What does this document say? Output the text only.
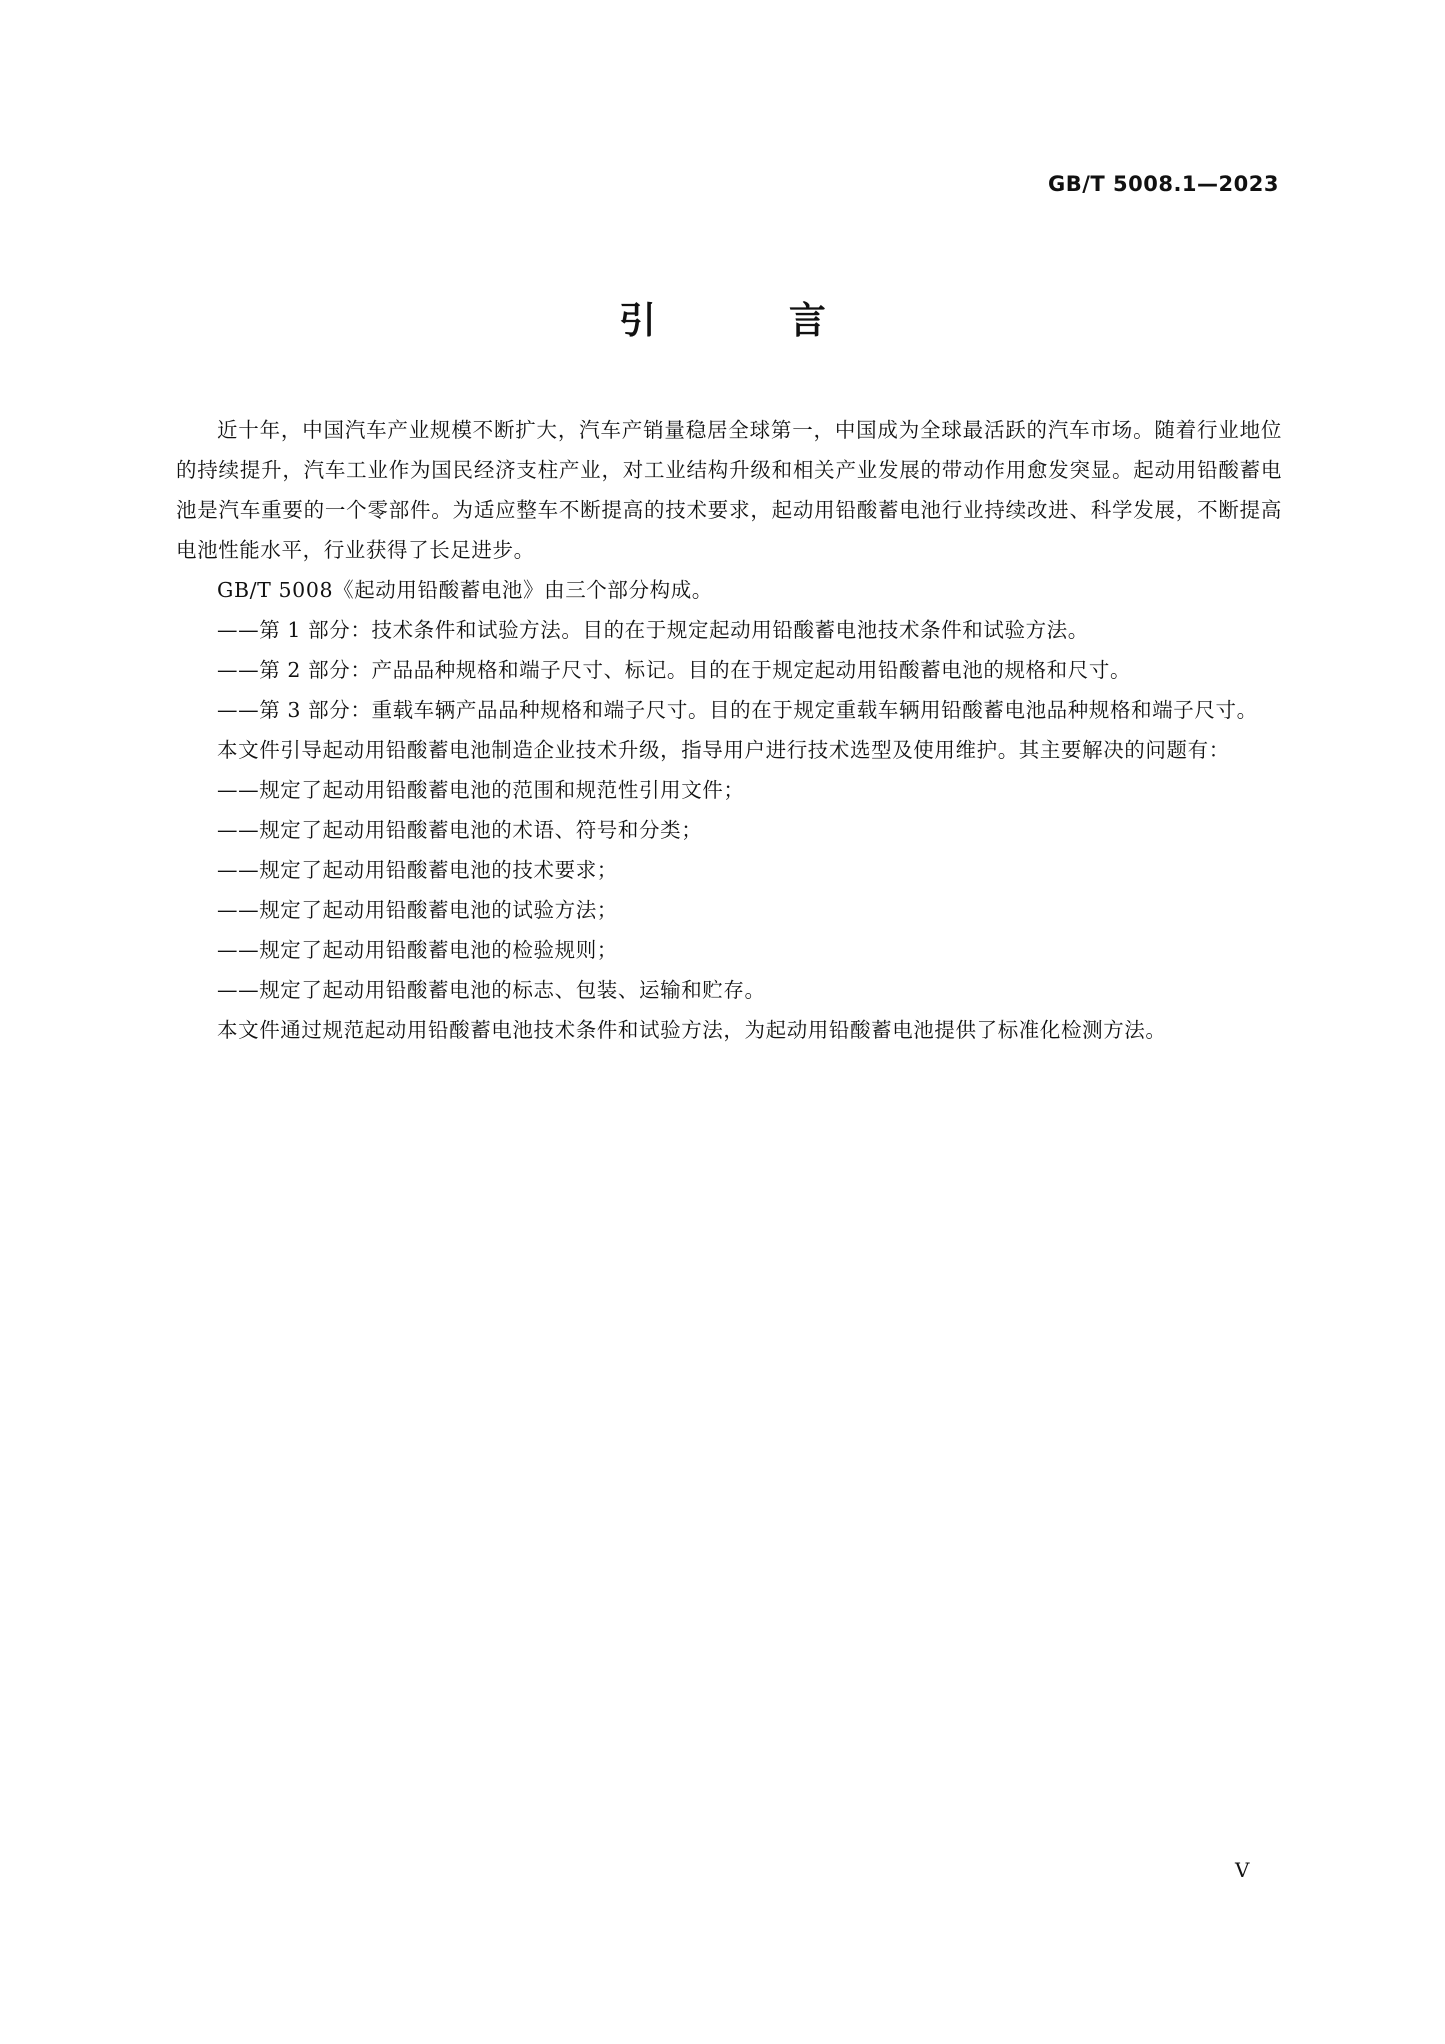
GB/T 5008.1—2023
引 言

近十年，中国汽车产业规模不断扩大，汽车产销量稳居全球第一，中国成为全球最活跃的汽车市场。随着行业地位的持续提升，汽车工业作为国民经济支柱产业，对工业结构升级和相关产业发展的带动作用愈发突显。起动用铅酸蓄电池是汽车重要的一个零部件。为适应整车不断提高的技术要求，起动用铅酸蓄电池行业持续改进、科学发展，不断提高电池性能水平，行业获得了长足进步。

GB/T 5008《起动用铅酸蓄电池》由三个部分构成。

——第 1 部分：技术条件和试验方法。目的在于规定起动用铅酸蓄电池技术条件和试验方法。

——第 2 部分：产品品种规格和端子尺寸、标记。目的在于规定起动用铅酸蓄电池的规格和尺寸。

——第 3 部分：重载车辆产品品种规格和端子尺寸。目的在于规定重载车辆用铅酸蓄电池品种规格和端子尺寸。

本文件引导起动用铅酸蓄电池制造企业技术升级，指导用户进行技术选型及使用维护。其主要解决的问题有：

——规定了起动用铅酸蓄电池的范围和规范性引用文件；

——规定了起动用铅酸蓄电池的术语、符号和分类；

——规定了起动用铅酸蓄电池的技术要求；

——规定了起动用铅酸蓄电池的试验方法；

——规定了起动用铅酸蓄电池的检验规则；

——规定了起动用铅酸蓄电池的标志、包装、运输和贮存。

本文件通过规范起动用铅酸蓄电池技术条件和试验方法，为起动用铅酸蓄电池提供了标准化检测方法。

V
